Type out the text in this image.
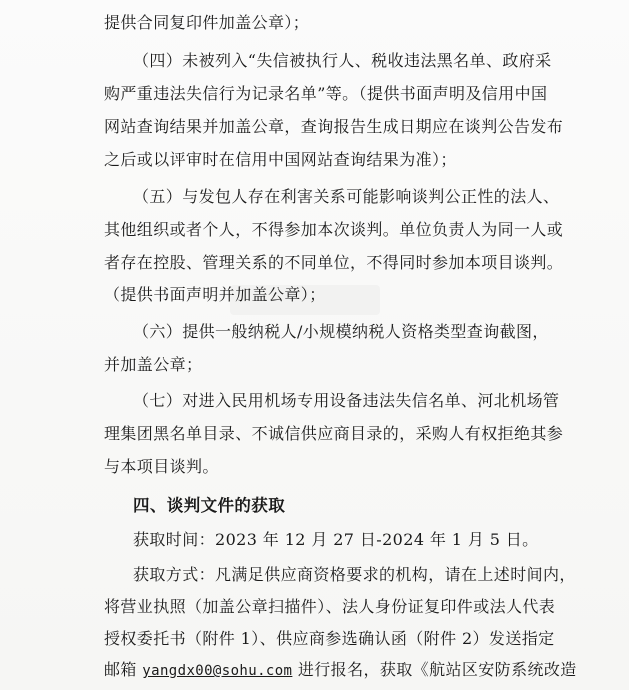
提供合同复印件加盖公章）；
（四）未被列入“失信被执行人、税收违法黑名单、政府采
购严重违法失信行为记录名单”等。（提供书面声明及信用中国
网站查询结果并加盖公章，查询报告生成日期应在谈判公告发布
之后或以评审时在信用中国网站查询结果为准）；
（五）与发包人存在利害关系可能影响谈判公正性的法人、
其他组织或者个人，不得参加本次谈判。单位负责人为同一人或
者存在控股、管理关系的不同单位，不得同时参加本项目谈判。
（提供书面声明并加盖公章）；
（六）提供一般纳税人/小规模纳税人资格类型查询截图，
并加盖公章；
（七）对进入民用机场专用设备违法失信名单、河北机场管
理集团黑名单目录、不诚信供应商目录的，采购人有权拒绝其参
与本项目谈判。
四、谈判文件的获取
获取时间：2023 年 12 月 27 日-2024 年 1 月 5 日。
获取方式：凡满足供应商资格要求的机构，请在上述时间内，
将营业执照（加盖公章扫描件）、法人身份证复印件或法人代表
授权委托书（附件 1）、供应商参选确认函（附件 2）发送指定
邮箱 yangdx00@sohu.com 进行报名，获取《航站区安防系统改造
